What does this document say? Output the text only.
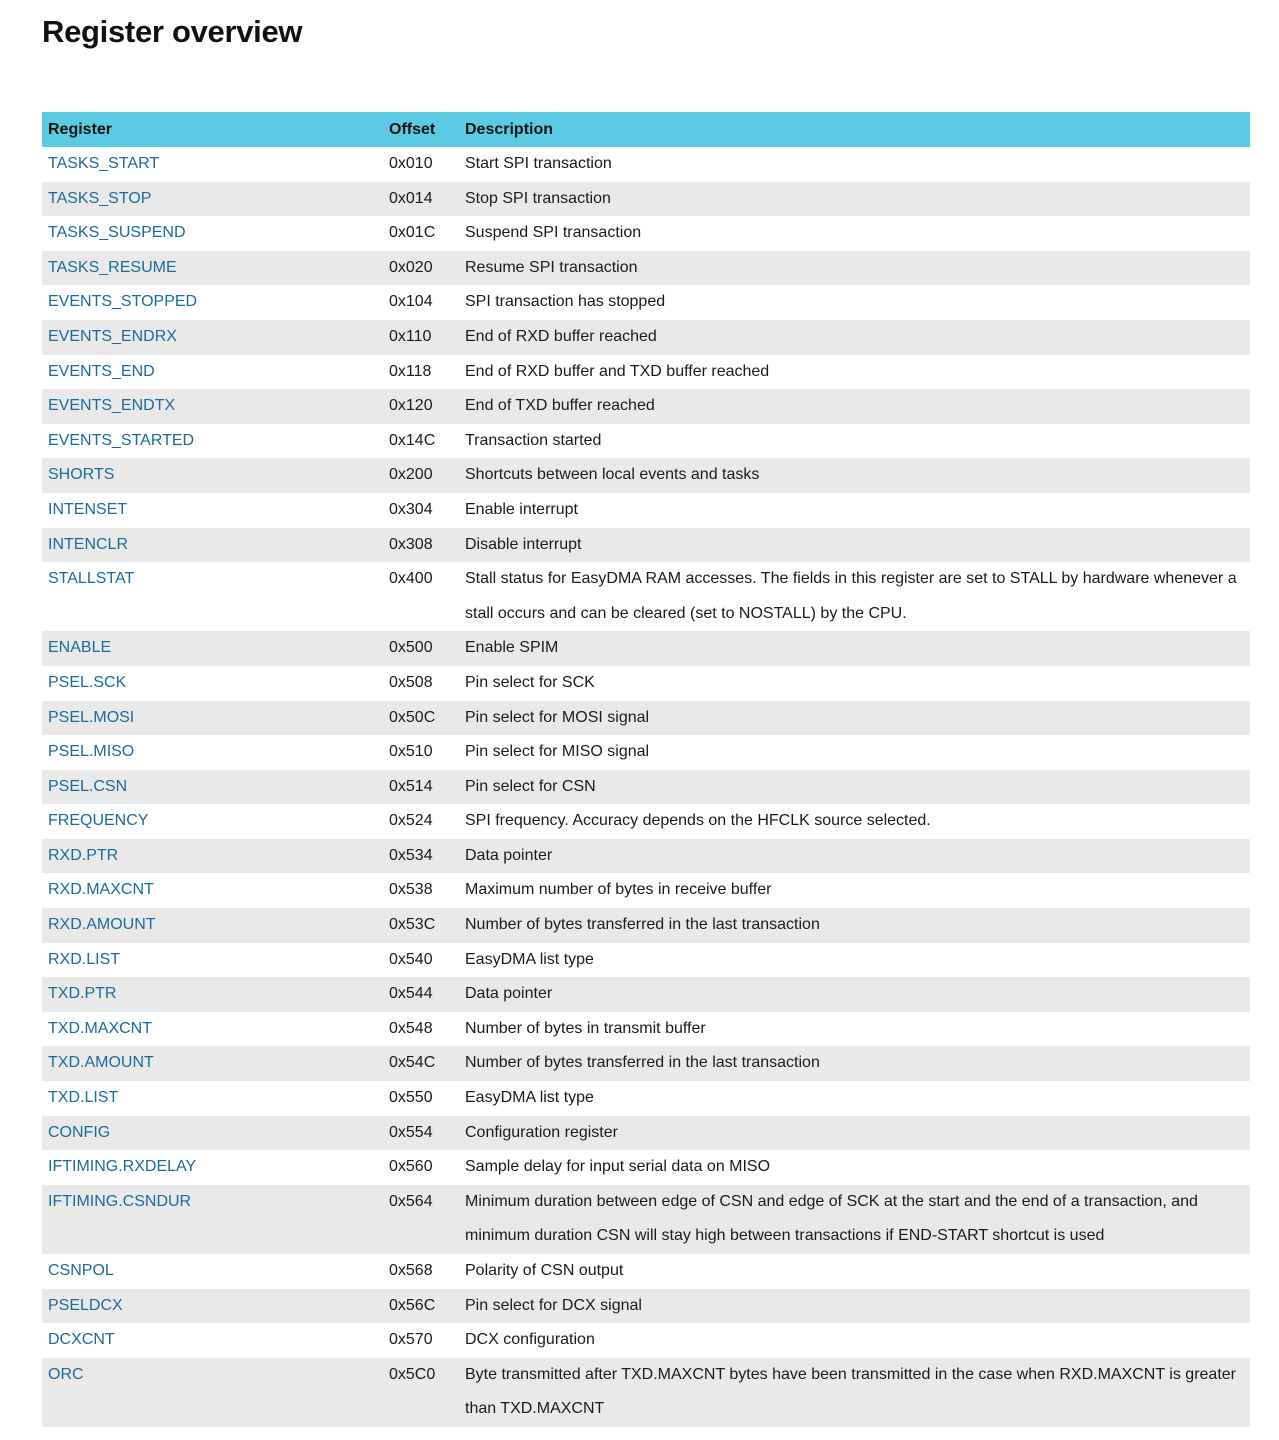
Register overview
Register	Offset	Description
TASKS_START	0x010	Start SPI transaction
TASKS_STOP	0x014	Stop SPI transaction
TASKS_SUSPEND	0x01C	Suspend SPI transaction
TASKS_RESUME	0x020	Resume SPI transaction
EVENTS_STOPPED	0x104	SPI transaction has stopped
EVENTS_ENDRX	0x110	End of RXD buffer reached
EVENTS_END	0x118	End of RXD buffer and TXD buffer reached
EVENTS_ENDTX	0x120	End of TXD buffer reached
EVENTS_STARTED	0x14C	Transaction started
SHORTS	0x200	Shortcuts between local events and tasks
INTENSET	0x304	Enable interrupt
INTENCLR	0x308	Disable interrupt
STALLSTAT	0x400	Stall status for EasyDMA RAM accesses. The fields in this register are set to STALL by hardware whenever a stall occurs and can be cleared (set to NOSTALL) by the CPU.
ENABLE	0x500	Enable SPIM
PSEL.SCK	0x508	Pin select for SCK
PSEL.MOSI	0x50C	Pin select for MOSI signal
PSEL.MISO	0x510	Pin select for MISO signal
PSEL.CSN	0x514	Pin select for CSN
FREQUENCY	0x524	SPI frequency. Accuracy depends on the HFCLK source selected.
RXD.PTR	0x534	Data pointer
RXD.MAXCNT	0x538	Maximum number of bytes in receive buffer
RXD.AMOUNT	0x53C	Number of bytes transferred in the last transaction
RXD.LIST	0x540	EasyDMA list type
TXD.PTR	0x544	Data pointer
TXD.MAXCNT	0x548	Number of bytes in transmit buffer
TXD.AMOUNT	0x54C	Number of bytes transferred in the last transaction
TXD.LIST	0x550	EasyDMA list type
CONFIG	0x554	Configuration register
IFTIMING.RXDELAY	0x560	Sample delay for input serial data on MISO
IFTIMING.CSNDUR	0x564	Minimum duration between edge of CSN and edge of SCK at the start and the end of a transaction, and minimum duration CSN will stay high between transactions if END-START shortcut is used
CSNPOL	0x568	Polarity of CSN output
PSELDCX	0x56C	Pin select for DCX signal
DCXCNT	0x570	DCX configuration
ORC	0x5C0	Byte transmitted after TXD.MAXCNT bytes have been transmitted in the case when RXD.MAXCNT is greater than TXD.MAXCNT
